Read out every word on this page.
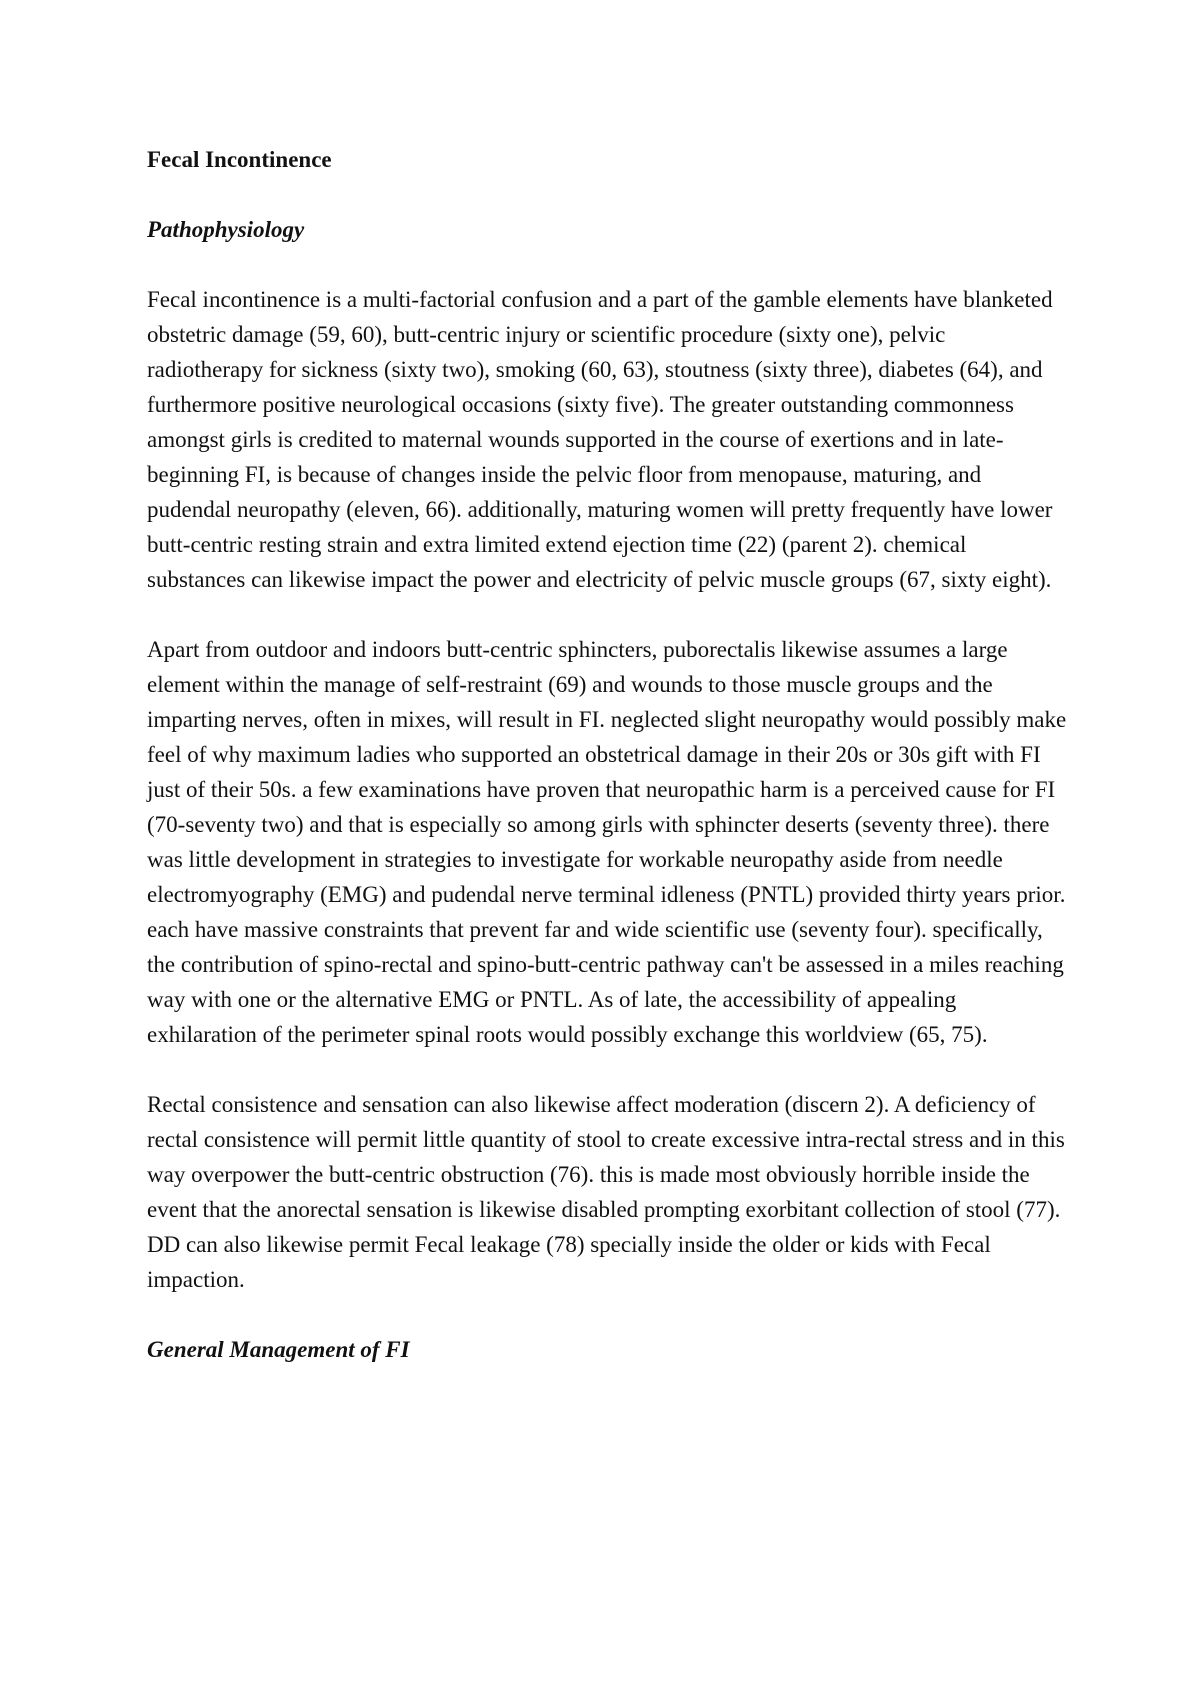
Fecal Incontinence

Pathophysiology

Fecal incontinence is a multi-factorial confusion and a part of the gamble elements have blanketed obstetric damage (59, 60), butt-centric injury or scientific procedure (sixty one), pelvic radiotherapy for sickness (sixty two), smoking (60, 63), stoutness (sixty three), diabetes (64), and furthermore positive neurological occasions (sixty five). The greater outstanding commonness amongst girls is credited to maternal wounds supported in the course of exertions and in late-beginning FI, is because of changes inside the pelvic floor from menopause, maturing, and pudendal neuropathy (eleven, 66). additionally, maturing women will pretty frequently have lower butt-centric resting strain and extra limited extend ejection time (22) (parent 2). chemical substances can likewise impact the power and electricity of pelvic muscle groups (67, sixty eight).

Apart from outdoor and indoors butt-centric sphincters, puborectalis likewise assumes a large element within the manage of self-restraint (69) and wounds to those muscle groups and the imparting nerves, often in mixes, will result in FI. neglected slight neuropathy would possibly make feel of why maximum ladies who supported an obstetrical damage in their 20s or 30s gift with FI just of their 50s. a few examinations have proven that neuropathic harm is a perceived cause for FI (70-seventy two) and that is especially so among girls with sphincter deserts (seventy three). there was little development in strategies to investigate for workable neuropathy aside from needle electromyography (EMG) and pudendal nerve terminal idleness (PNTL) provided thirty years prior. each have massive constraints that prevent far and wide scientific use (seventy four). specifically, the contribution of spino-rectal and spino-butt-centric pathway can't be assessed in a miles reaching way with one or the alternative EMG or PNTL. As of late, the accessibility of appealing exhilaration of the perimeter spinal roots would possibly exchange this worldview (65, 75).

Rectal consistence and sensation can also likewise affect moderation (discern 2). A deficiency of rectal consistence will permit little quantity of stool to create excessive intra-rectal stress and in this way overpower the butt-centric obstruction (76). this is made most obviously horrible inside the event that the anorectal sensation is likewise disabled prompting exorbitant collection of stool (77). DD can also likewise permit Fecal leakage (78) specially inside the older or kids with Fecal impaction.

General Management of FI
